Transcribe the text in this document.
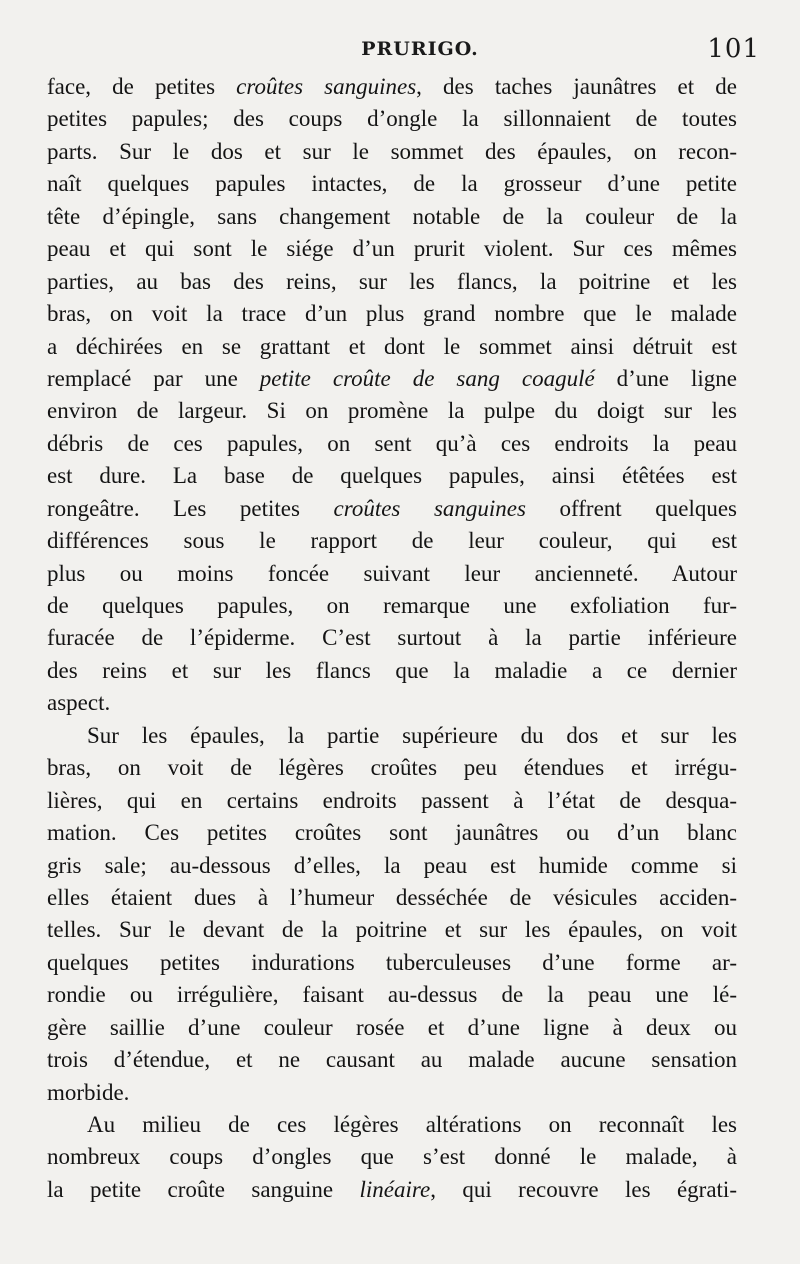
PRURIGO.	101
face, de petites croûtes sanguines, des taches jaunâtres et de
petites papules; des coups d’ongle la sillonnaient de toutes
parts. Sur le dos et sur le sommet des épaules, on recon-
naît quelques papules intactes, de la grosseur d’une petite
tête d’épingle, sans changement notable de la couleur de la
peau et qui sont le siége d’un prurit violent. Sur ces mêmes
parties, au bas des reins, sur les flancs, la poitrine et les
bras, on voit la trace d’un plus grand nombre que le malade
a déchirées en se grattant et dont le sommet ainsi détruit est
remplacé par une petite croûte de sang coagulé d’une ligne
environ de largeur. Si on promène la pulpe du doigt sur les
débris de ces papules, on sent qu’à ces endroits la peau
est dure. La base de quelques papules, ainsi étêtées est
rongeâtre. Les petites croûtes sanguines offrent quelques
différences sous le rapport de leur couleur, qui est
plus ou moins foncée suivant leur ancienneté. Autour
de quelques papules, on remarque une exfoliation fur-
furacée de l’épiderme. C’est surtout à la partie inférieure
des reins et sur les flancs que la maladie a ce dernier
aspect.
Sur les épaules, la partie supérieure du dos et sur les
bras, on voit de légères croûtes peu étendues et irrégu-
lières, qui en certains endroits passent à l’état de desqua-
mation. Ces petites croûtes sont jaunâtres ou d’un blanc
gris sale; au-dessous d’elles, la peau est humide comme si
elles étaient dues à l’humeur desséchée de vésicules acciden-
telles. Sur le devant de la poitrine et sur les épaules, on voit
quelques petites indurations tuberculeuses d’une forme ar-
rondie ou irrégulière, faisant au-dessus de la peau une lé-
gère saillie d’une couleur rosée et d’une ligne à deux ou
trois d’étendue, et ne causant au malade aucune sensation
morbide.
Au milieu de ces légères altérations on reconnaît les
nombreux coups d’ongles que s’est donné le malade, à
la petite croûte sanguine linéaire, qui recouvre les égrati-
